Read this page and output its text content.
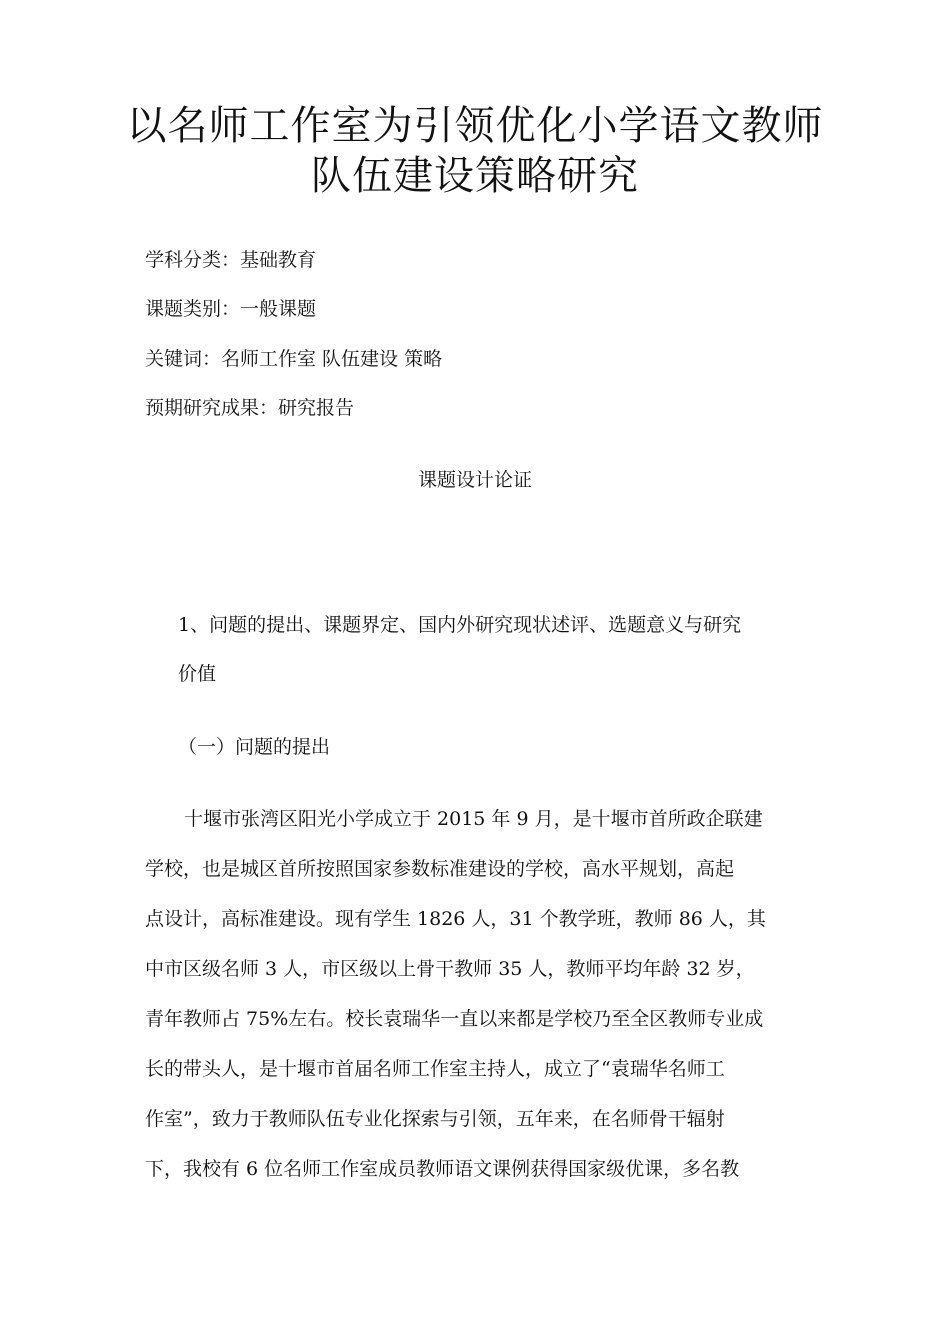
以名师工作室为引领优化小学语文教师
队伍建设策略研究
学科分类：基础教育
课题类别：一般课题
关键词：名师工作室 队伍建设 策略
预期研究成果：研究报告
课题设计论证
1、问题的提出、课题界定、国内外研究现状述评、选题意义与研究
价值
（一）问题的提出
十堰市张湾区阳光小学成立于 2015 年 9 月，是十堰市首所政企联建
学校，也是城区首所按照国家参数标准建设的学校，高水平规划，高起
点设计，高标准建设。现有学生 1826 人，31 个教学班，教师 86 人，其
中市区级名师 3 人，市区级以上骨干教师 35 人，教师平均年龄 32 岁，
青年教师占 75%左右。校长袁瑞华一直以来都是学校乃至全区教师专业成
长的带头人，是十堰市首届名师工作室主持人，成立了“袁瑞华名师工
作室”，致力于教师队伍专业化探索与引领，五年来，在名师骨干辐射
下，我校有 6 位名师工作室成员教师语文课例获得国家级优课，多名教
